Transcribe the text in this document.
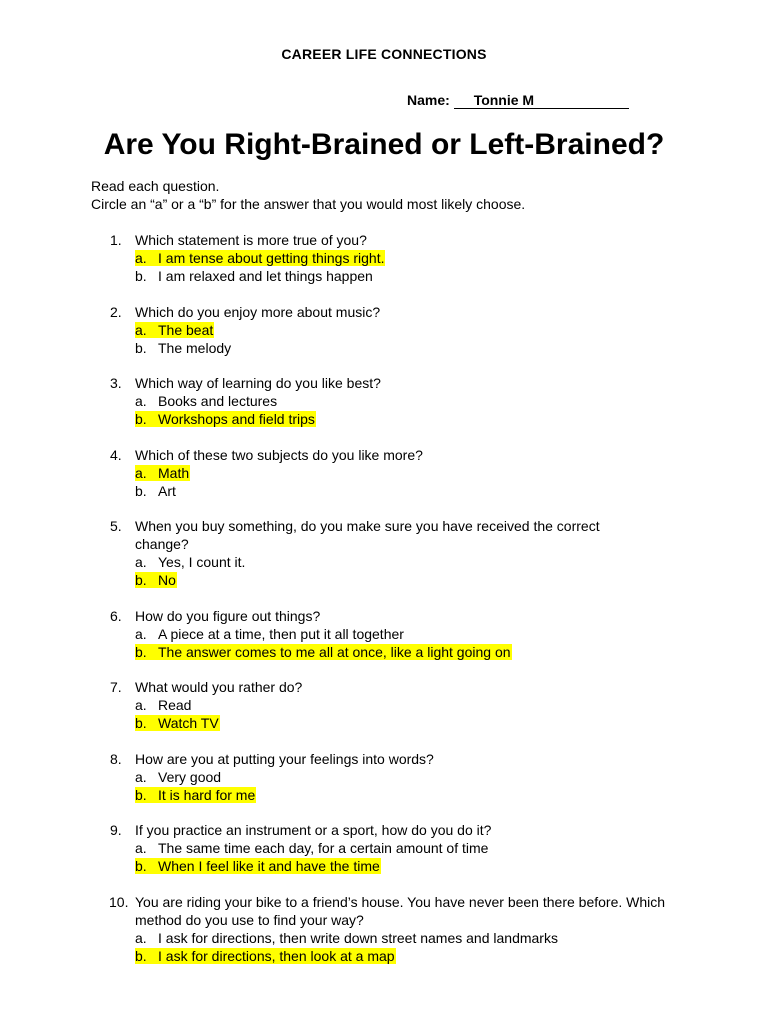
CAREER LIFE CONNECTIONS
Name: Tonnie M
Are You Right-Brained or Left-Brained?
Read each question.
Circle an “a” or a “b” for the answer that you would most likely choose.
1. Which statement is more true of you?
a. I am tense about getting things right.
b. I am relaxed and let things happen
2. Which do you enjoy more about music?
a. The beat
b. The melody
3. Which way of learning do you like best?
a. Books and lectures
b. Workshops and field trips
4. Which of these two subjects do you like more?
a. Math
b. Art
5. When you buy something, do you make sure you have received the correct change?
a. Yes, I count it.
b. No
6. How do you figure out things?
a. A piece at a time, then put it all together
b. The answer comes to me all at once, like a light going on
7. What would you rather do?
a. Read
b. Watch TV
8. How are you at putting your feelings into words?
a. Very good
b. It is hard for me
9. If you practice an instrument or a sport, how do you do it?
a. The same time each day, for a certain amount of time
b. When I feel like it and have the time
10. You are riding your bike to a friend’s house. You have never been there before. Which method do you use to find your way?
a. I ask for directions, then write down street names and landmarks
b. I ask for directions, then look at a map
